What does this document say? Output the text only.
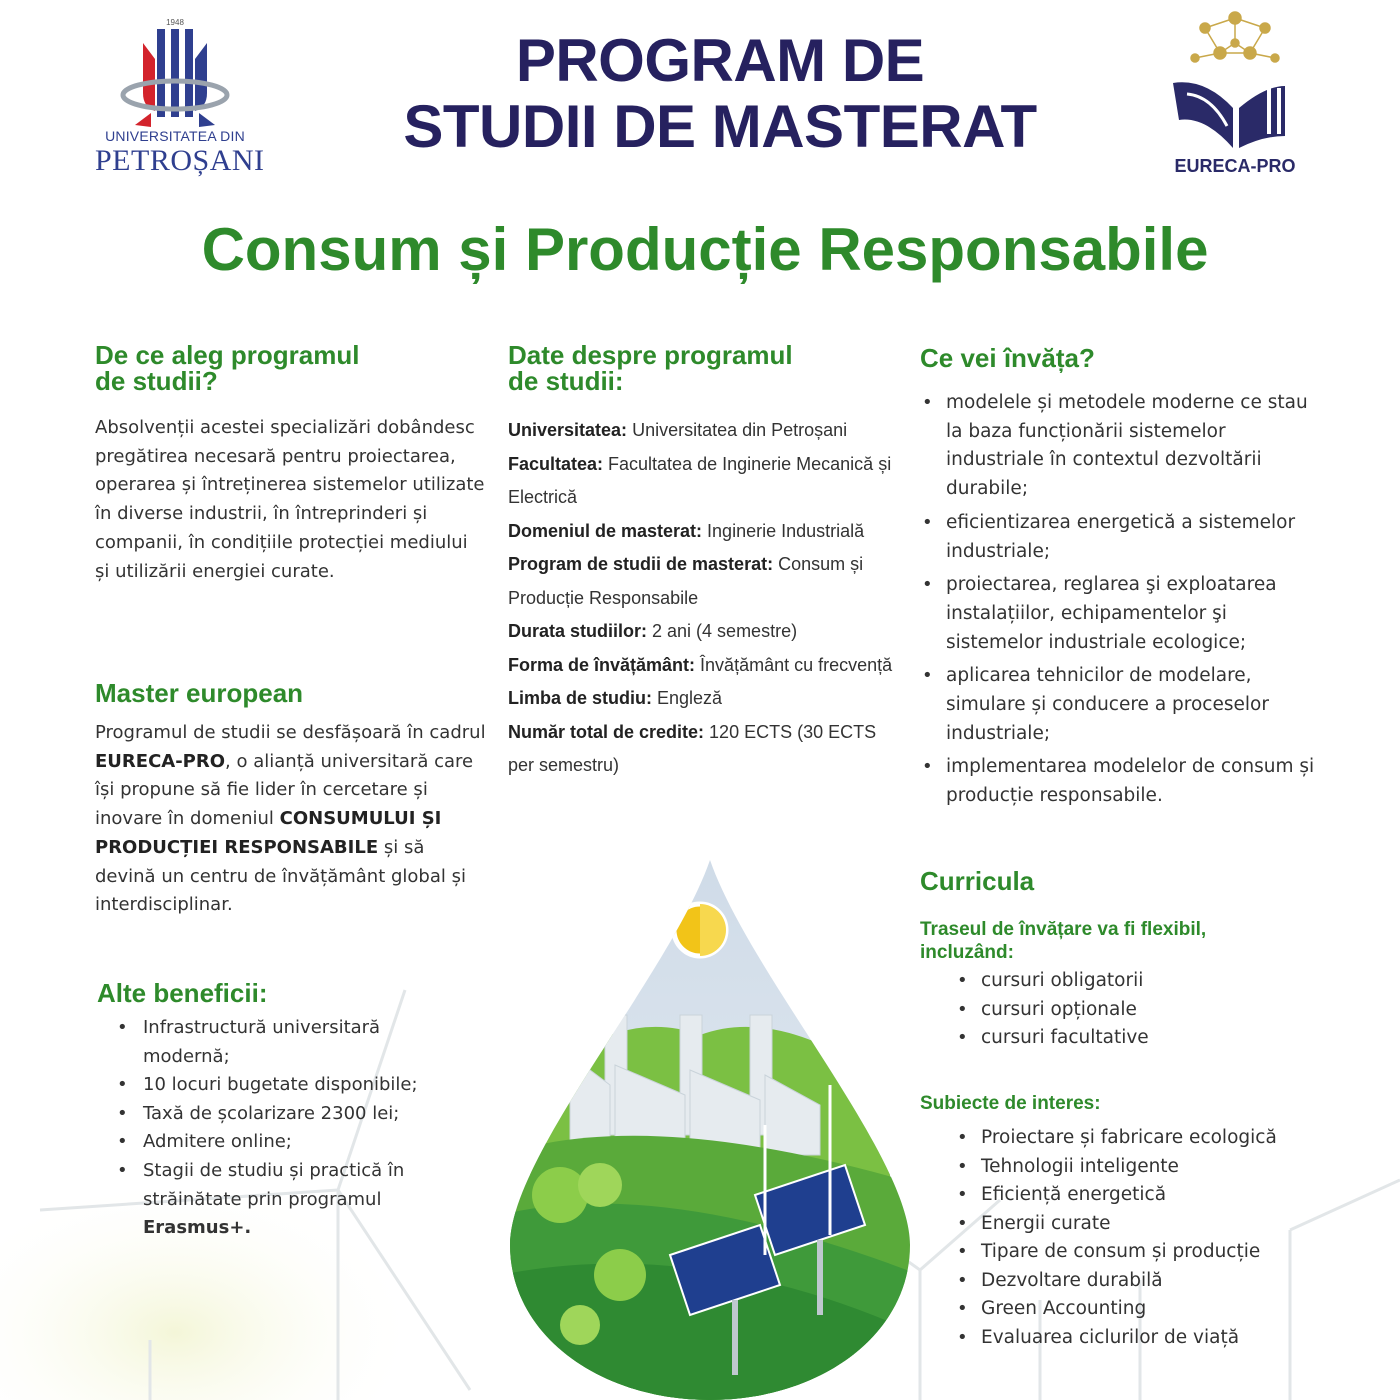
1948
UNIVERSITATEA DIN
PETROȘANI	EURECA-PRO
PROGRAM DE
STUDII DE MASTERAT
Consum și Producție Responsabile
De ce aleg programul
de studii?

Absolvenții acestei specializări dobândesc pregătirea necesară pentru proiectarea, operarea și întreținerea sistemelor utilizate în diverse industrii, în întreprinderi și companii, în condițiile protecției mediului și utilizării energiei curate.

Master european

Programul de studii se desfășoară în cadrul EURECA-PRO, o alianță universitară care își propune să fie lider în cercetare și inovare în domeniul CONSUMULUI ȘI PRODUCȚIEI RESPONSABILE și să devină un centru de învățământ global și interdisciplinar.

Alte beneficii:
• Infrastructură universitară modernă;
• 10 locuri bugetate disponibile;
• Taxă de școlarizare 2300 lei;
• Admitere online;
• Stagii de studiu și practică în străinătate prin programul Erasmus+.
Date despre programul
de studii:
Universitatea: Universitatea din Petroșani
Facultatea: Facultatea de Inginerie Mecanică și Electrică
Domeniul de masterat: Inginerie Industrială
Program de studii de masterat: Consum și Producție Responsabile
Durata studiilor: 2 ani (4 semestre)
Forma de învățământ: Învățământ cu frecvență
Limba de studiu: Engleză
Număr total de credite: 120 ECTS (30 ECTS per semestru)
Ce vei învăța?
• modelele și metodele moderne ce stau la baza funcționării sistemelor industriale în contextul dezvoltării durabile;
• eficientizarea energetică a sistemelor industriale;
• proiectarea, reglarea şi exploatarea instalațiilor, echipamentelor şi sistemelor industriale ecologice;
• aplicarea tehnicilor de modelare, simulare și conducere a proceselor industriale;
• implementarea modelelor de consum și producție responsabile.
Curricula
Traseul de învățare va fi flexibil,
incluzând:
• cursuri obligatorii
• cursuri opționale
• cursuri facultative
Subiecte de interes:
• Proiectare și fabricare ecologică
• Tehnologii inteligente
• Eficiență energetică
• Energii curate
• Tipare de consum și producție
• Dezvoltare durabilă
• Green Accounting
• Evaluarea ciclurilor de viață
